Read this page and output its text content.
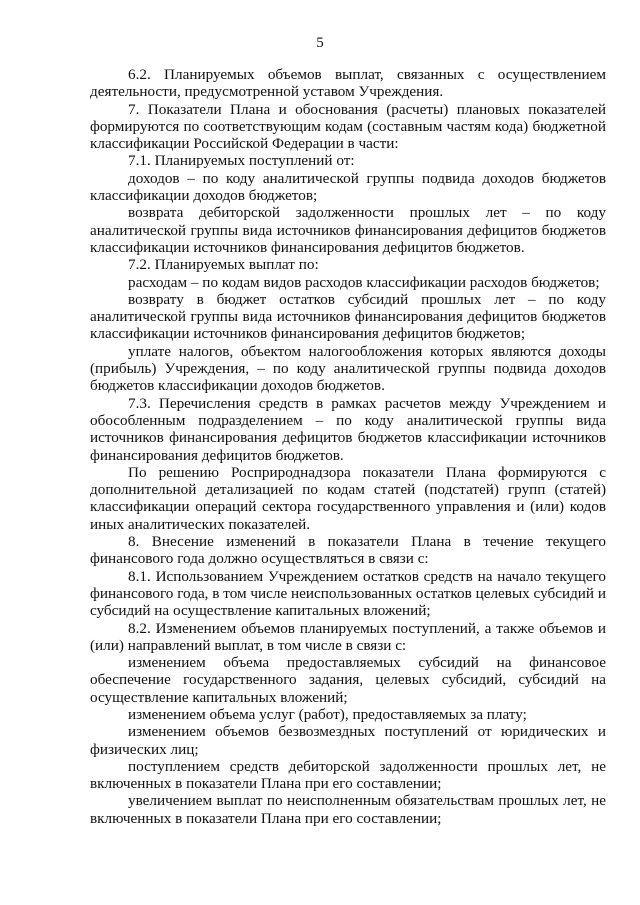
5

6.2. Планируемых объемов выплат, связанных с осуществлением деятельности, предусмотренной уставом Учреждения.

7. Показатели Плана и обоснования (расчеты) плановых показателей формируются по соответствующим кодам (составным частям кода) бюджетной классификации Российской Федерации в части:

7.1. Планируемых поступлений от:

доходов – по коду аналитической группы подвида доходов бюджетов классификации доходов бюджетов;

возврата дебиторской задолженности прошлых лет – по коду аналитической группы вида источников финансирования дефицитов бюджетов классификации источников финансирования дефицитов бюджетов.

7.2. Планируемых выплат по:

расходам – по кодам видов расходов классификации расходов бюджетов;

возврату в бюджет остатков субсидий прошлых лет – по коду аналитической группы вида источников финансирования дефицитов бюджетов классификации источников финансирования дефицитов бюджетов;

уплате налогов, объектом налогообложения которых являются доходы (прибыль) Учреждения, – по коду аналитической группы подвида доходов бюджетов классификации доходов бюджетов.

7.3. Перечисления средств в рамках расчетов между Учреждением и обособленным подразделением – по коду аналитической группы вида источников финансирования дефицитов бюджетов классификации источников финансирования дефицитов бюджетов.

По решению Росприроднадзора показатели Плана формируются с дополнительной детализацией по кодам статей (подстатей) групп (статей) классификации операций сектора государственного управления и (или) кодов иных аналитических показателей.

8. Внесение изменений в показатели Плана в течение текущего финансового года должно осуществляться в связи с:

8.1. Использованием Учреждением остатков средств на начало текущего финансового года, в том числе неиспользованных остатков целевых субсидий и субсидий на осуществление капитальных вложений;

8.2. Изменением объемов планируемых поступлений, а также объемов и (или) направлений выплат, в том числе в связи с:

изменением объема предоставляемых субсидий на финансовое обеспечение государственного задания, целевых субсидий, субсидий на осуществление капитальных вложений;

изменением объема услуг (работ), предоставляемых за плату;

изменением объемов безвозмездных поступлений от юридических и физических лиц;

поступлением средств дебиторской задолженности прошлых лет, не включенных в показатели Плана при его составлении;

увеличением выплат по неисполненным обязательствам прошлых лет, не включенных в показатели Плана при его составлении;
